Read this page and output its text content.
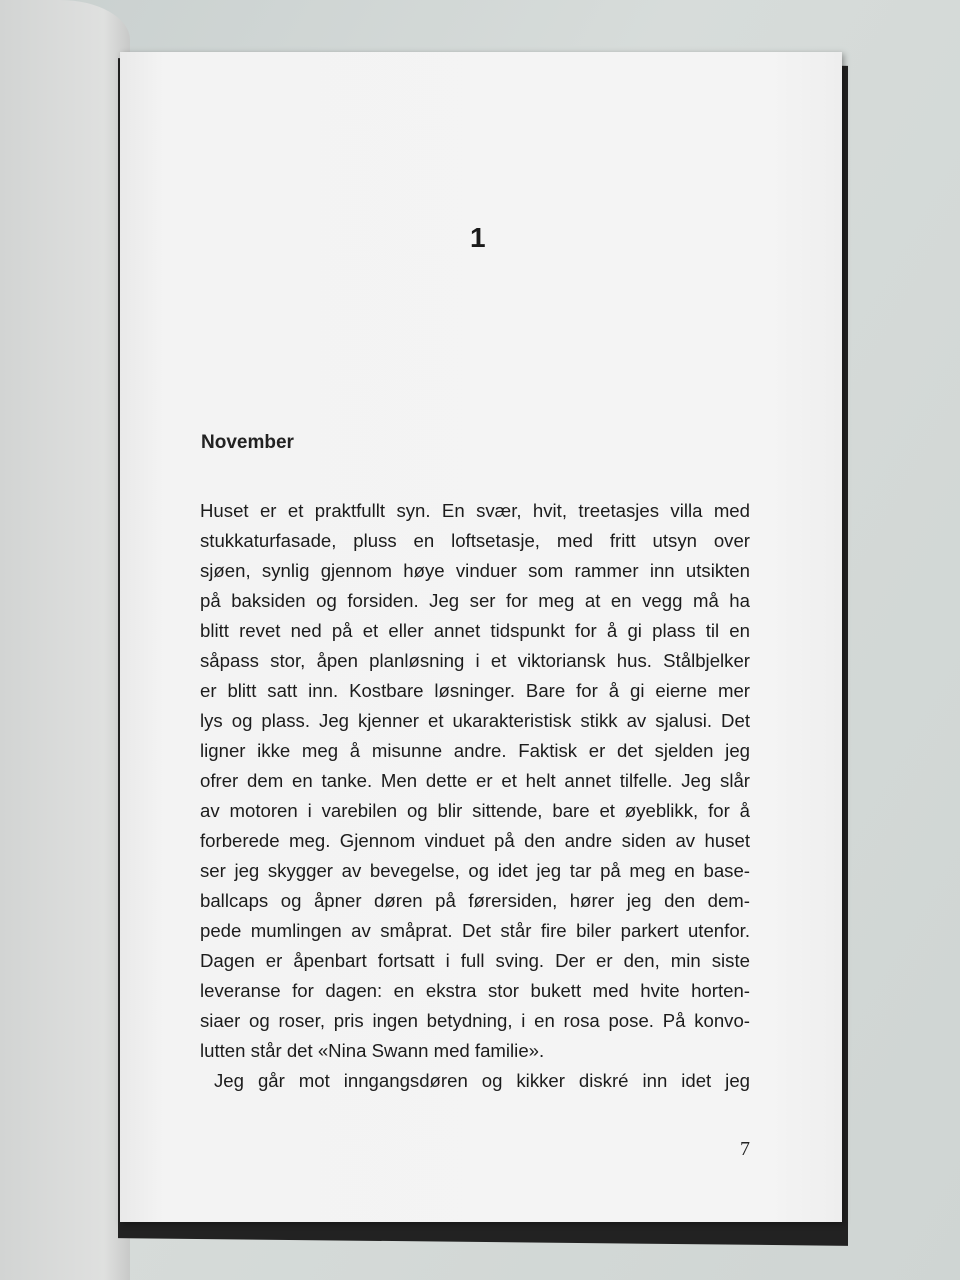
1
November
Huset er et praktfullt syn. En svær, hvit, treetasjes villa med
stukkaturfasade, pluss en loftsetasje, med fritt utsyn over
sjøen, synlig gjennom høye vinduer som rammer inn utsikten
på baksiden og forsiden. Jeg ser for meg at en vegg må ha
blitt revet ned på et eller annet tidspunkt for å gi plass til en
såpass stor, åpen planløsning i et viktoriansk hus. Stålbjelker
er blitt satt inn. Kostbare løsninger. Bare for å gi eierne mer
lys og plass. Jeg kjenner et ukarakteristisk stikk av sjalusi. Det
ligner ikke meg å misunne andre. Faktisk er det sjelden jeg
ofrer dem en tanke. Men dette er et helt annet tilfelle. Jeg slår
av motoren i varebilen og blir sittende, bare et øyeblikk, for å
forberede meg. Gjennom vinduet på den andre siden av huset
ser jeg skygger av bevegelse, og idet jeg tar på meg en base-
ballcaps og åpner døren på førersiden, hører jeg den dem-
pede mumlingen av småprat. Det står fire biler parkert utenfor.
Dagen er åpenbart fortsatt i full sving. Der er den, min siste
leveranse for dagen: en ekstra stor bukett med hvite horten-
siaer og roser, pris ingen betydning, i en rosa pose. På konvo-
lutten står det «Nina Swann med familie».
Jeg går mot inngangsdøren og kikker diskré inn idet jeg
7
